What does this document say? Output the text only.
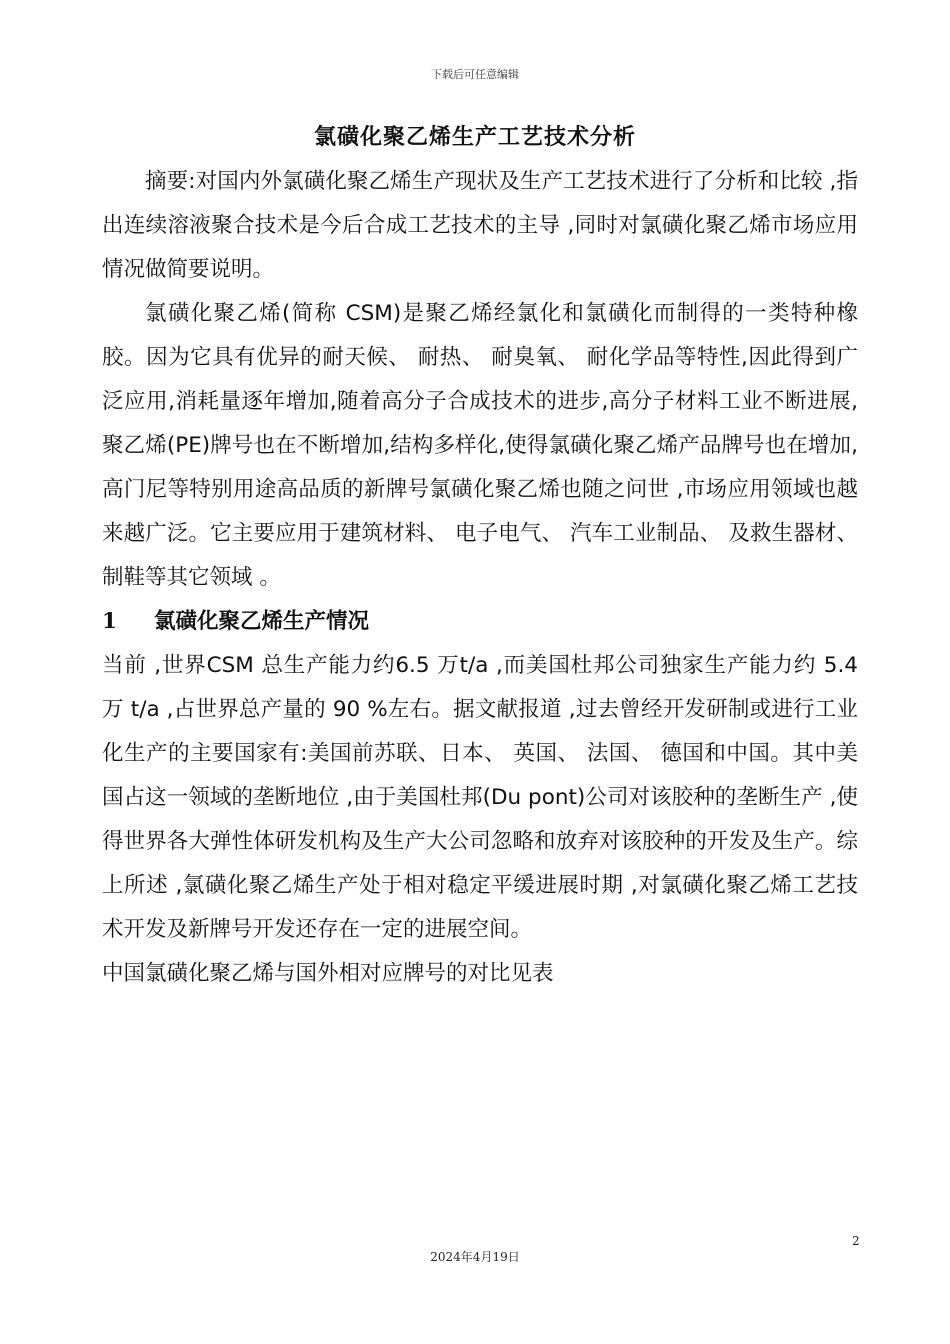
下载后可任意编辑
氯磺化聚乙烯生产工艺技术分析

摘要:对国内外氯磺化聚乙烯生产现状及生产工艺技术进行了分析和比较 ,指出连续溶液聚合技术是今后合成工艺技术的主导 ,同时对氯磺化聚乙烯市场应用情况做简要说明。

氯磺化聚乙烯(简称 CSM)是聚乙烯经氯化和氯磺化而制得的一类特种橡胶。因为它具有优异的耐天候、 耐热、 耐臭氧、 耐化学品等特性,因此得到广泛应用,消耗量逐年增加,随着高分子合成技术的进步,高分子材料工业不断进展,聚乙烯(PE)牌号也在不断增加,结构多样化,使得氯磺化聚乙烯产品牌号也在增加,高门尼等特别用途高品质的新牌号氯磺化聚乙烯也随之问世 ,市场应用领域也越来越广泛。它主要应用于建筑材料、 电子电气、 汽车工业制品、 及救生器材、 制鞋等其它领域 。

1	氯磺化聚乙烯生产情况

当前 ,世界CSM 总生产能力约6.5 万t/a ,而美国杜邦公司独家生产能力约 5.4 万 t/a ,占世界总产量的 90 %左右。据文献报道 ,过去曾经开发研制或进行工业化生产的主要国家有:美国前苏联、日本、 英国、 法国、 德国和中国。其中美国占这一领域的垄断地位 ,由于美国杜邦(Du pont)公司对该胶种的垄断生产 ,使得世界各大弹性体研发机构及生产大公司忽略和放弃对该胶种的开发及生产。综上所述 ,氯磺化聚乙烯生产处于相对稳定平缓进展时期 ,对氯磺化聚乙烯工艺技术开发及新牌号开发还存在一定的进展空间。

中国氯磺化聚乙烯与国外相对应牌号的对比见表

2
2024年4月19日
